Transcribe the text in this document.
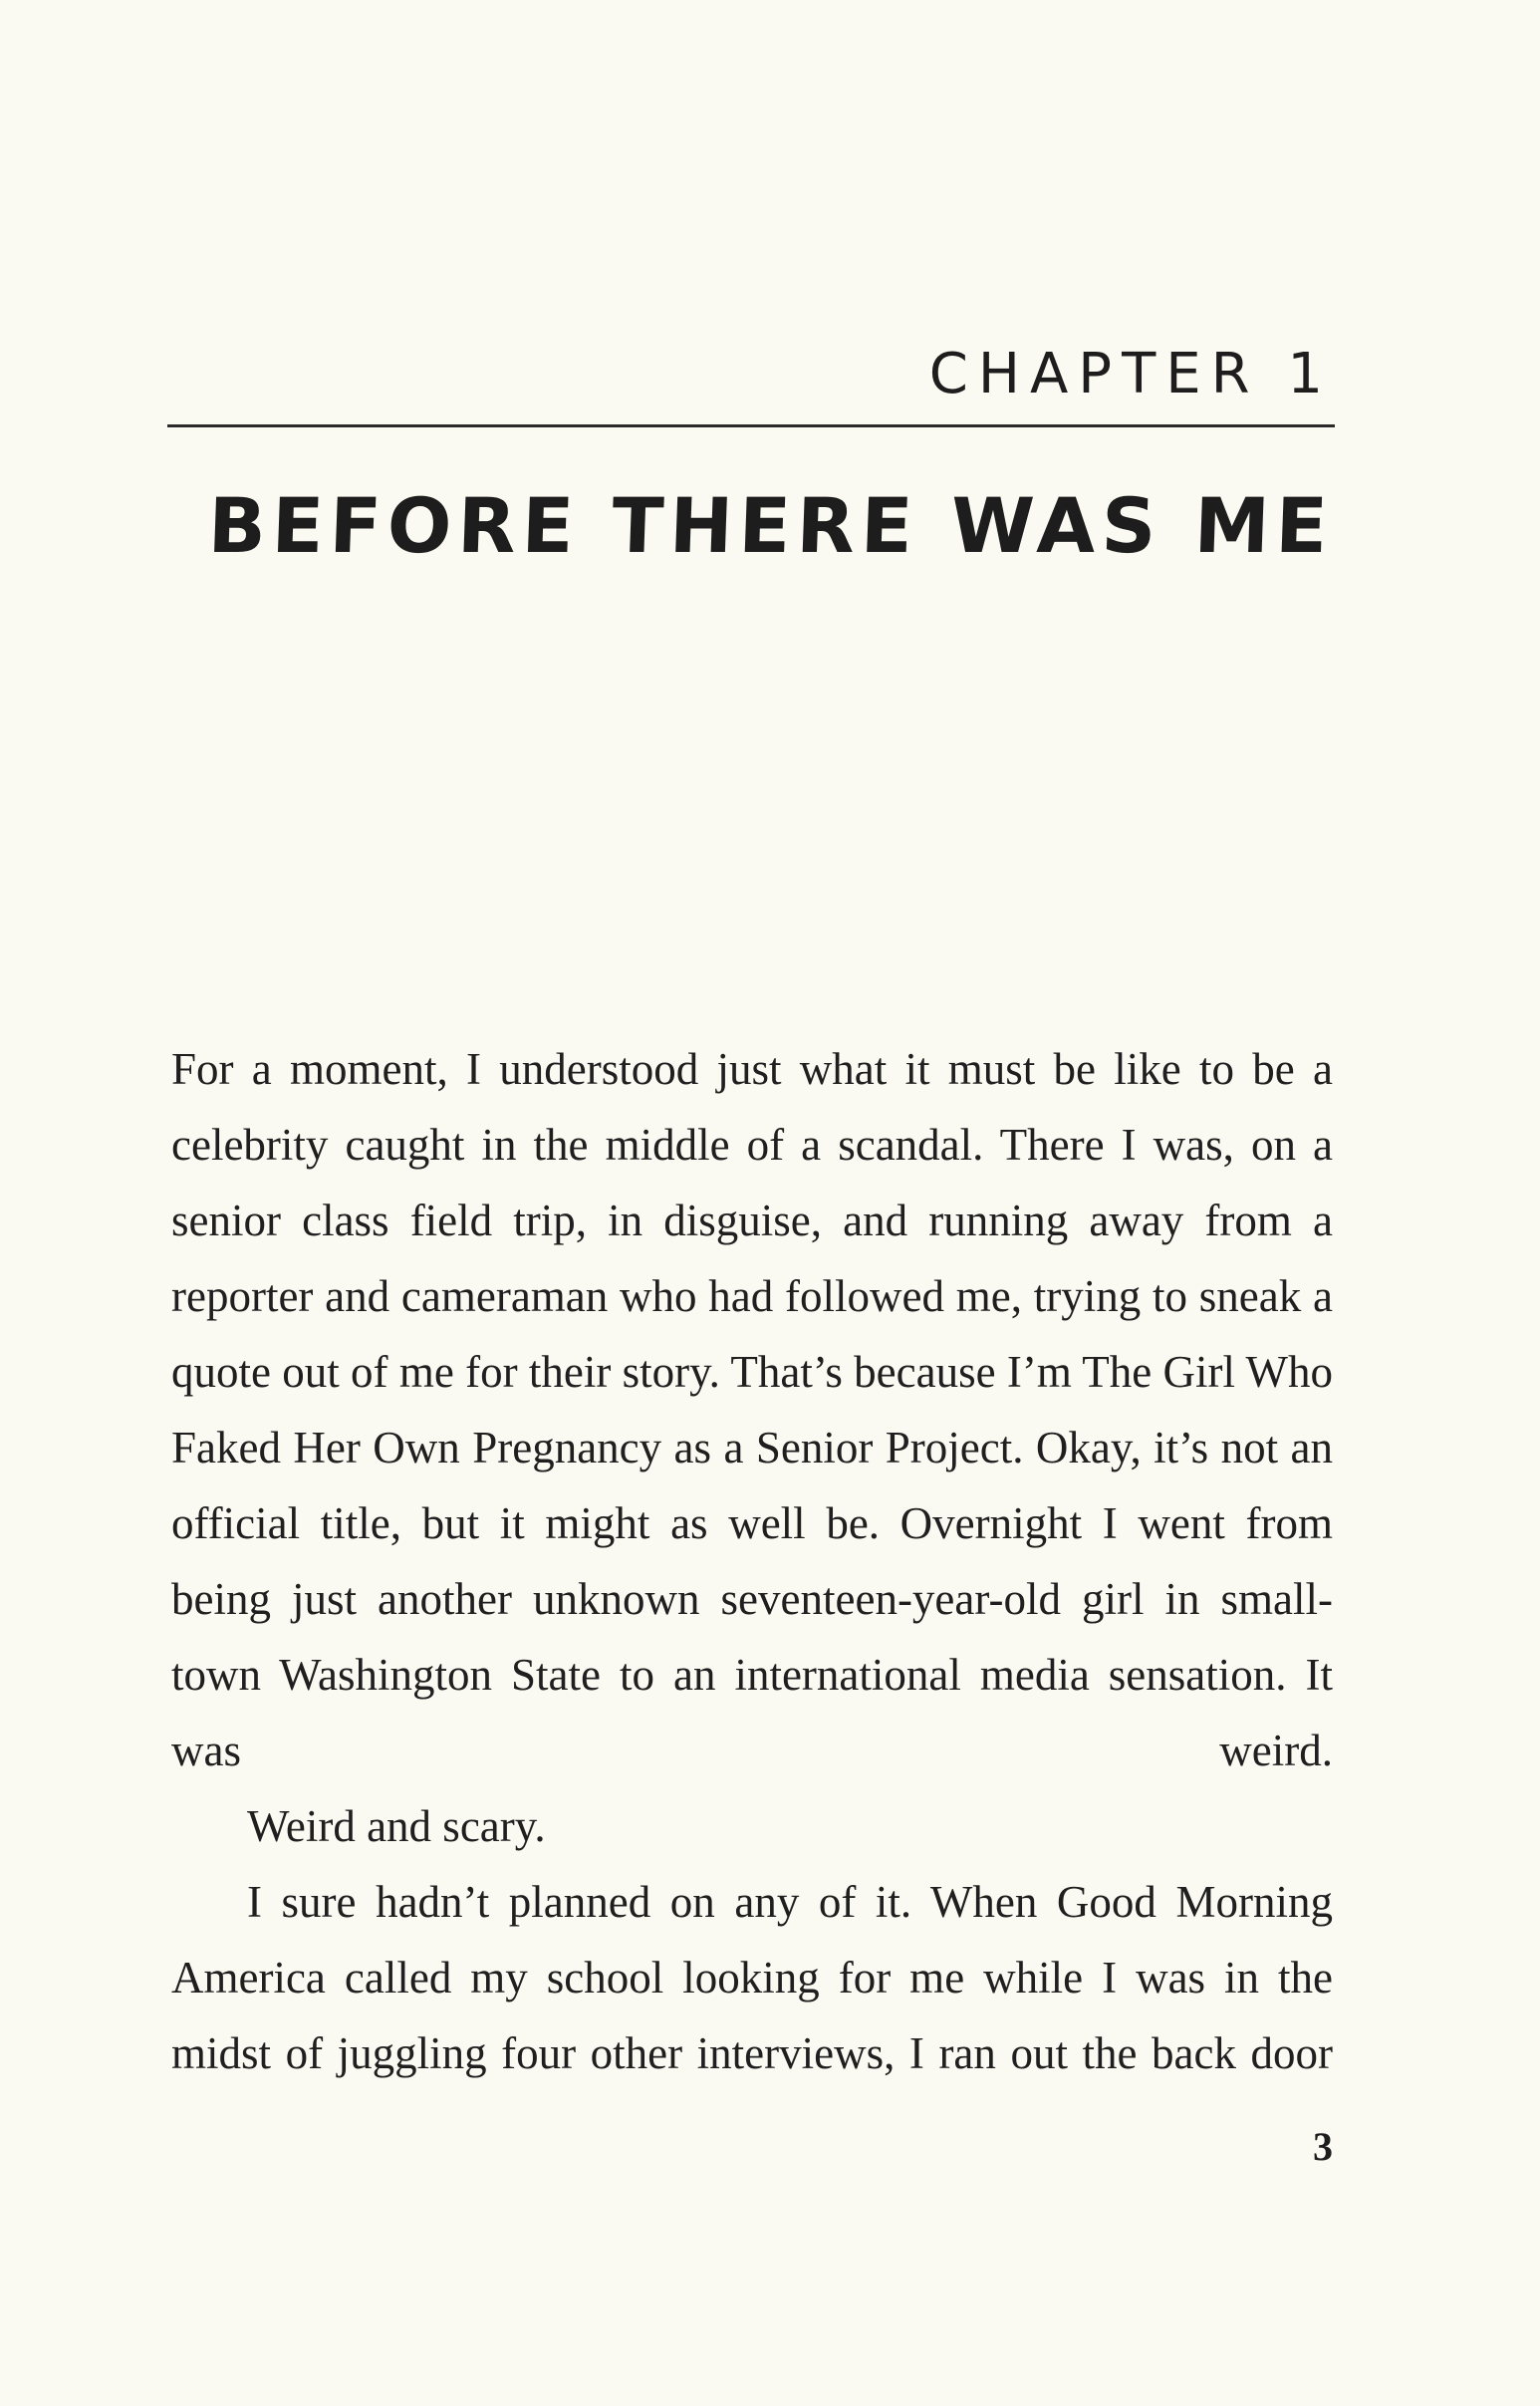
CHAPTER 1
BEFORE THERE WAS ME

For a moment, I understood just what it must be like to be a celebrity caught in the middle of a scandal. There I was, on a senior class field trip, in disguise, and running away from a reporter and cameraman who had followed me, trying to sneak a quote out of me for their story. That’s because I’m The Girl Who Faked Her Own Pregnancy as a Senior Project. Okay, it’s not an official title, but it might as well be. Overnight I went from being just another unknown seventeen-year-old girl in small-town Washington State to an international media sensation. It was weird.

Weird and scary.

I sure hadn’t planned on any of it. When Good Morning America called my school looking for me while I was in the midst of juggling four other interviews, I ran out the back door

3
